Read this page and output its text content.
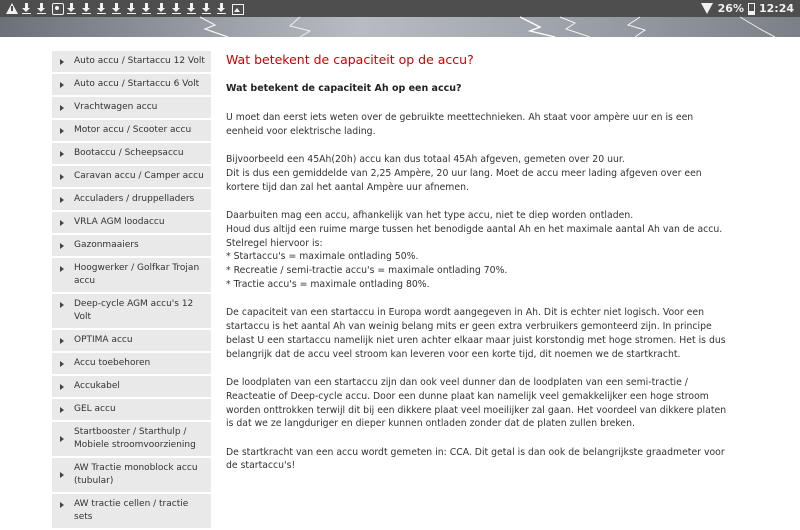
26% 12:24
Auto accu / Startaccu 12 Volt
Auto accu / Startaccu 6 Volt
Vrachtwagen accu
Motor accu / Scooter accu
Bootaccu / Scheepsaccu
Caravan accu / Camper accu
Acculaders / druppelladers
VRLA AGM loodaccu
Gazonmaaiers
Hoogwerker / Golfkar Trojan accu
Deep-cycle AGM accu's 12 Volt
OPTIMA accu
Accu toebehoren
Accukabel
GEL accu
Startbooster / Starthulp / Mobiele stroomvoorziening
AW Tractie monoblock accu (tubular)
AW tractie cellen / tractie sets
Wat betekent de capaciteit op de accu?
Wat betekent de capaciteit Ah op een accu?

U moet dan eerst iets weten over de gebruikte meettechnieken. Ah staat voor ampère uur en is een eenheid voor elektrische lading.

Bijvoorbeeld een 45Ah(20h) accu kan dus totaal 45Ah afgeven, gemeten over 20 uur.
Dit is dus een gemiddelde van 2,25 Ampère, 20 uur lang. Moet de accu meer lading afgeven over een kortere tijd dan zal het aantal Ampère uur afnemen.

Daarbuiten mag een accu, afhankelijk van het type accu, niet te diep worden ontladen.
Houd dus altijd een ruime marge tussen het benodigde aantal Ah en het maximale aantal Ah van de accu. Stelregel hiervoor is:
* Startaccu's = maximale ontlading 50%.
* Recreatie / semi-tractie accu's = maximale ontlading 70%.
* Tractie accu's = maximale ontlading 80%.

De capaciteit van een startaccu in Europa wordt aangegeven in Ah. Dit is echter niet logisch. Voor een startaccu is het aantal Ah van weinig belang mits er geen extra verbruikers gemonteerd zijn. In principe belast U een startaccu namelijk niet uren achter elkaar maar juist korstondig met hoge stromen. Het is dus belangrijk dat de accu veel stroom kan leveren voor een korte tijd, dit noemen we de startkracht.

De loodplaten van een startaccu zijn dan ook veel dunner dan de loodplaten van een semi-tractie / Reacteatie of Deep-cycle accu. Door een dunne plaat kan namelijk veel gemakkelijker een hoge stroom worden onttrokken terwijl dit bij een dikkere plaat veel moeilijker zal gaan. Het voordeel van dikkere platen is dat we ze langduriger en dieper kunnen ontladen zonder dat de platen zullen breken.

De startkracht van een accu wordt gemeten in: CCA. Dit getal is dan ook de belangrijkste graadmeter voor de startaccu's!
